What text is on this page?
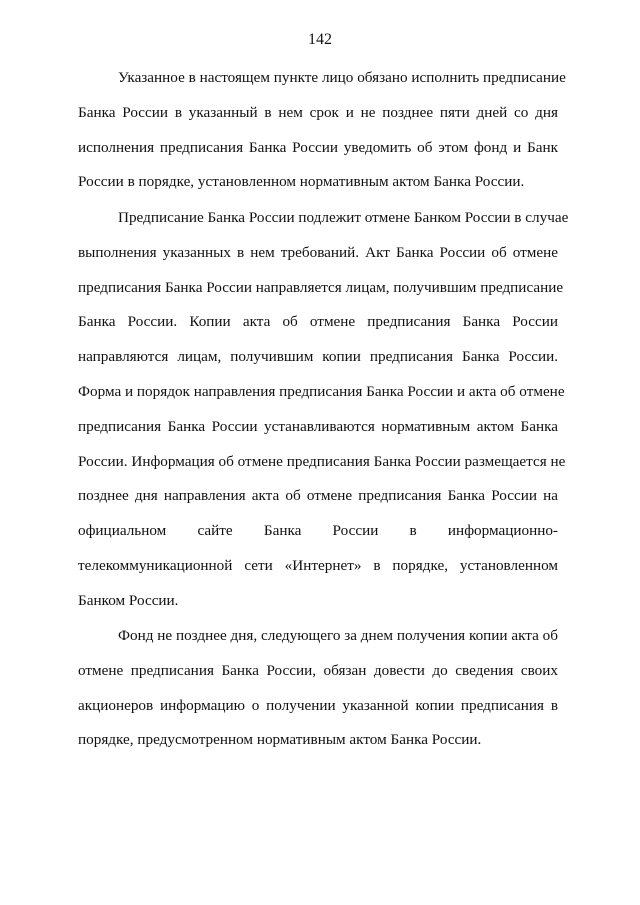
142

Указанное в настоящем пункте лицо обязано исполнить предписание
Банка России в указанный в нем срок и не позднее пяти дней со дня
исполнения предписания Банка России уведомить об этом фонд и Банк
России в порядке, установленном нормативным актом Банка России.

Предписание Банка России подлежит отмене Банком России в случае
выполнения указанных в нем требований. Акт Банка России об отмене
предписания Банка России направляется лицам, получившим предписание
Банка России. Копии акта об отмене предписания Банка России
направляются лицам, получившим копии предписания Банка России.
Форма и порядок направления предписания Банка России и акта об отмене
предписания Банка России устанавливаются нормативным актом Банка
России. Информация об отмене предписания Банка России размещается не
позднее дня направления акта об отмене предписания Банка России на
официальном сайте Банка России в информационно-
телекоммуникационной сети «Интернет» в порядке, установленном
Банком России.

Фонд не позднее дня, следующего за днем получения копии акта об
отмене предписания Банка России, обязан довести до сведения своих
акционеров информацию о получении указанной копии предписания в
порядке, предусмотренном нормативным актом Банка России.
